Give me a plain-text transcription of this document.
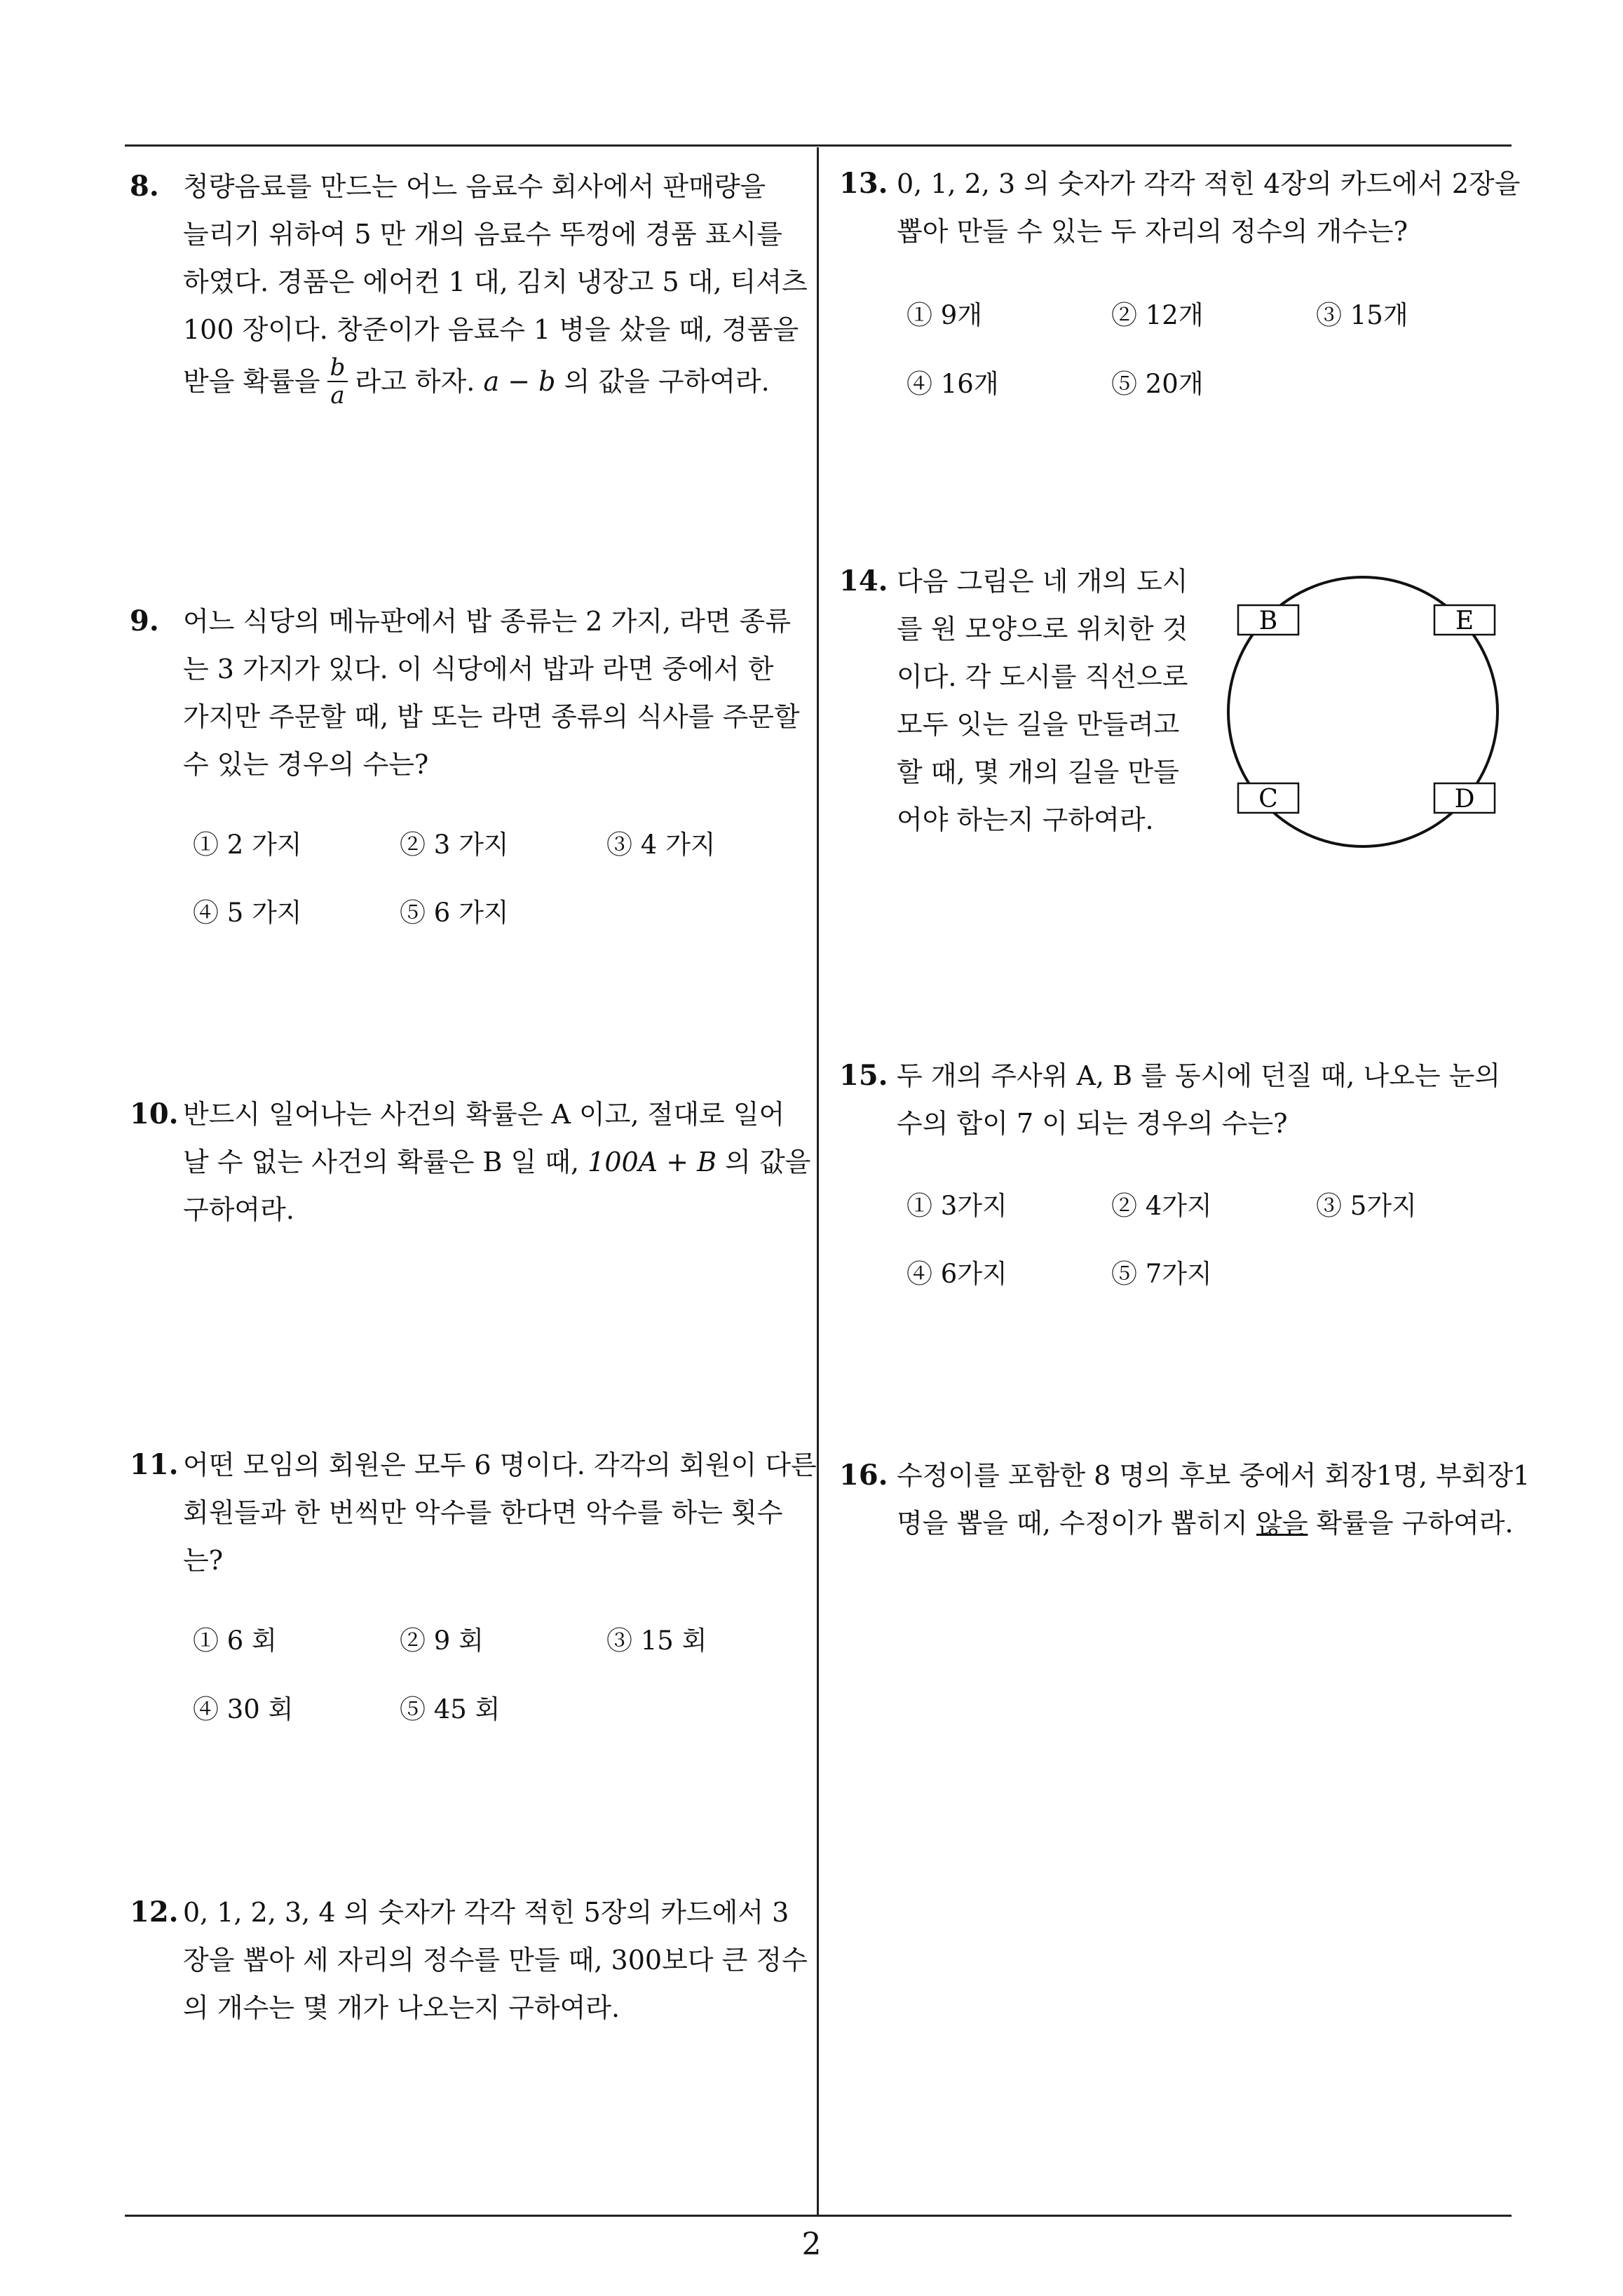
8. 청량음료를 만드는 어느 음료수 회사에서 판매량을
늘리기 위하여 5 만 개의 음료수 뚜껑에 경품 표시를
하였다. 경품은 에어컨 1 대, 김치 냉장고 5 대, 티셔츠
100 장이다. 창준이가 음료수 1 병을 샀을 때, 경품을
받을 확률을 $\frac{b}{a}$ 라고 하자. a − b 의 값을 구하여라.
9. 어느 식당의 메뉴판에서 밥 종류는 2 가지, 라면 종류
는 3 가지가 있다. 이 식당에서 밥과 라면 중에서 한
가지만 주문할 때, 밥 또는 라면 종류의 식사를 주문할
수 있는 경우의 수는?
① 2 가지	② 3 가지	③ 4 가지
④ 5 가지	⑤ 6 가지
10. 반드시 일어나는 사건의 확률은 A 이고, 절대로 일어
날 수 없는 사건의 확률은 B 일 때, 100A + B 의 값을
구하여라.
11. 어떤 모임의 회원은 모두 6 명이다. 각각의 회원이 다른
회원들과 한 번씩만 악수를 한다면 악수를 하는 횟수
는?
① 6 회	② 9 회	③ 15 회
④ 30 회	⑤ 45 회
12. 0, 1, 2, 3, 4 의 숫자가 각각 적힌 5장의 카드에서 3
장을 뽑아 세 자리의 정수를 만들 때, 300보다 큰 정수
의 개수는 몇 개가 나오는지 구하여라.
13. 0, 1, 2, 3 의 숫자가 각각 적힌 4장의 카드에서 2장을
뽑아 만들 수 있는 두 자리의 정수의 개수는?
① 9개	② 12개	③ 15개
④ 16개	⑤ 20개
14. 다음 그림은 네 개의 도시
를 원 모양으로 위치한 것
이다. 각 도시를 직선으로
모두 잇는 길을 만들려고
할 때, 몇 개의 길을 만들
어야 하는지 구하여라.
B	E
C	D
15. 두 개의 주사위 A, B 를 동시에 던질 때, 나오는 눈의
수의 합이 7 이 되는 경우의 수는?
① 3가지	② 4가지	③ 5가지
④ 6가지	⑤ 7가지
16. 수정이를 포함한 8 명의 후보 중에서 회장1명, 부회장1
명을 뽑을 때, 수정이가 뽑히지 않을 확률을 구하여라.
2
